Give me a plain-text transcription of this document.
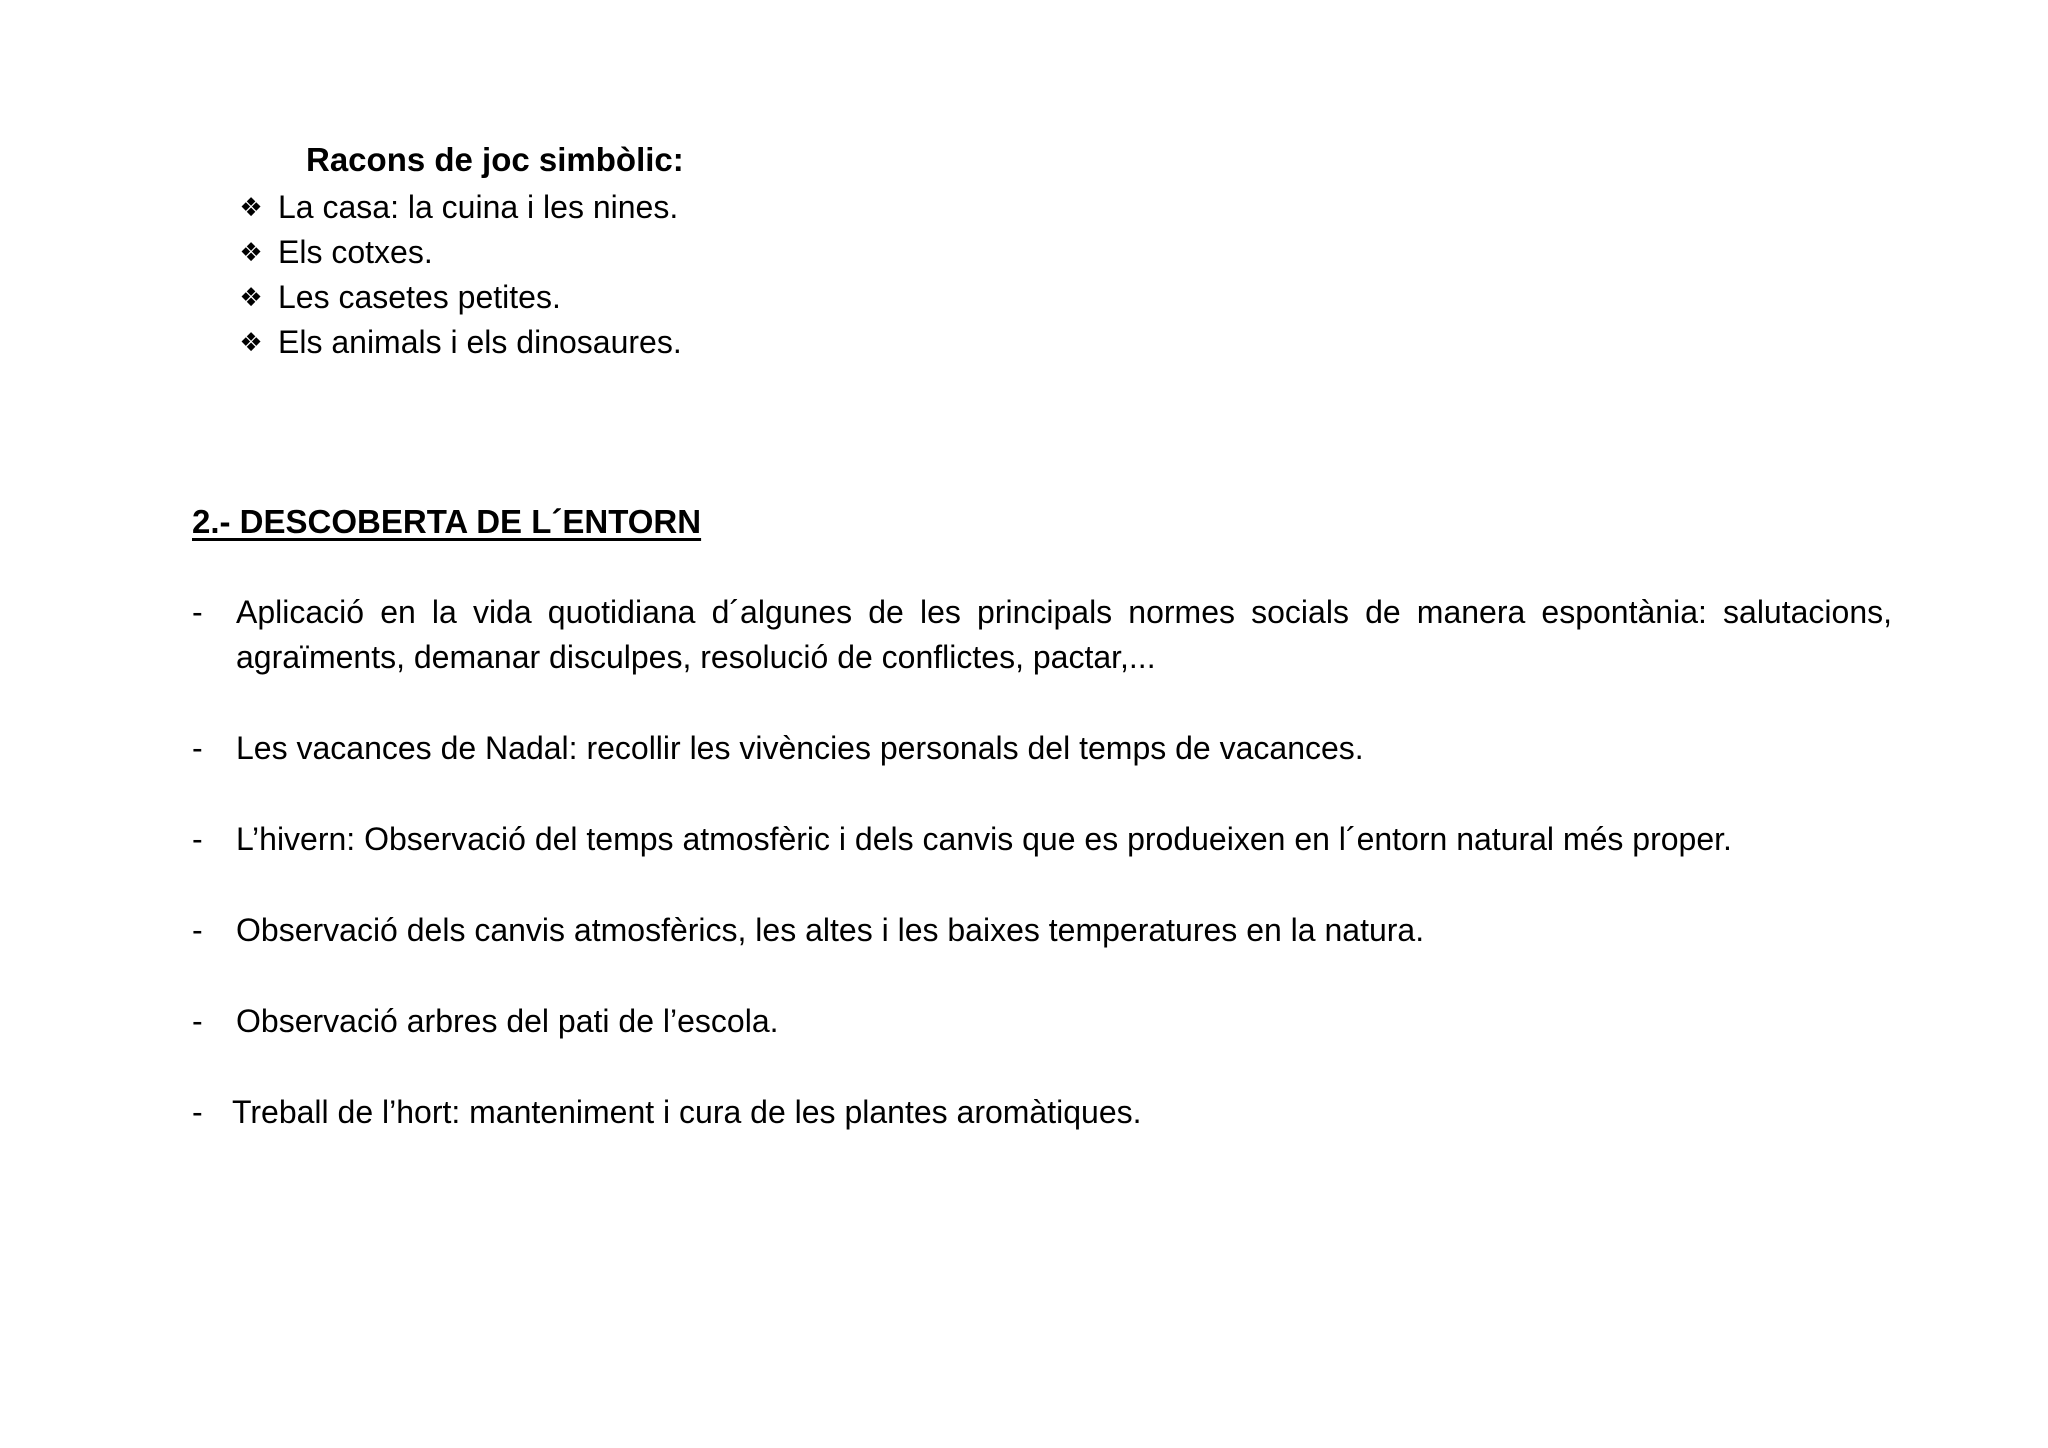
Racons de joc simbòlic:
❖ La casa: la cuina i les nines.
❖ Els cotxes.
❖ Les casetes petites.
❖ Els animals i els dinosaures.
2.- DESCOBERTA DE L´ENTORN
-	Aplicació en la vida quotidiana d´algunes de les principals normes socials de manera espontània: salutacions, agraïments, demanar disculpes, resolució de conflictes, pactar,...
-	Les vacances de Nadal: recollir les vivències personals del temps de vacances.
-	L’hivern: Observació del temps atmosfèric i dels canvis que es produeixen en l´entorn natural més proper.
-	Observació dels canvis atmosfèrics, les altes i les baixes temperatures en la natura.
-	Observació arbres del pati de l’escola.
- Treball de l’hort: manteniment i cura de les plantes aromàtiques.
